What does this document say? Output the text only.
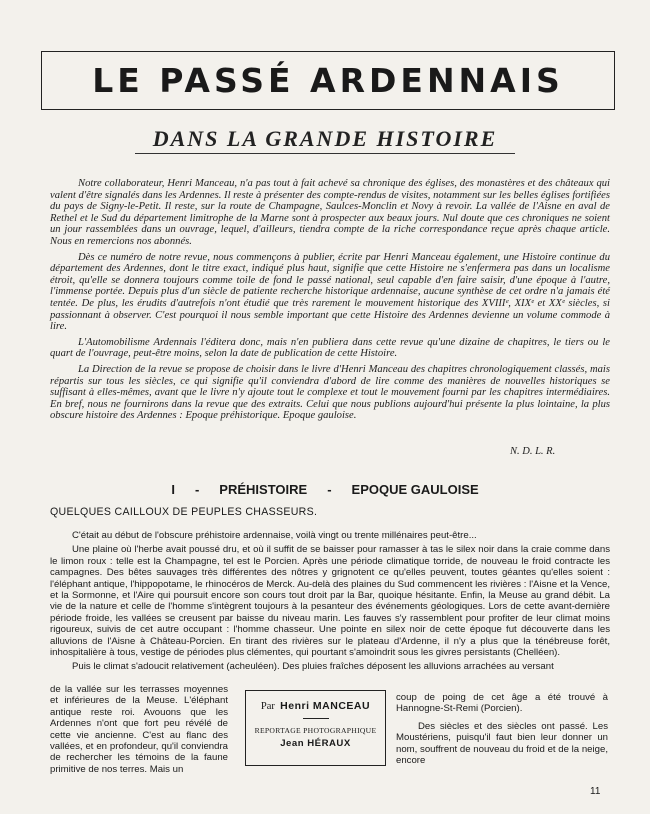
LE PASSÉ ARDENNAIS
DANS LA GRANDE HISTOIRE

Notre collaborateur, Henri Manceau, n'a pas tout à fait achevé sa chronique des églises, des monastères et des châteaux qui valent d'être signalés dans les Ardennes. Il reste à présenter des compte-rendus de visites, notamment sur les belles églises fortifiées du pays de Signy-le-Petit. Il reste, sur la route de Champagne, Saulces-Monclin et Novy à revoir. La vallée de l'Aisne en aval de Rethel et le Sud du département limitrophe de la Marne sont à prospecter aux beaux jours. Nul doute que ces chroniques ne soient un jour rassemblées dans un ouvrage, lequel, d'ailleurs, tiendra compte de la riche correspondance reçue après chaque article. Nous en remercions nos abonnés.

Dès ce numéro de notre revue, nous commençons à publier, écrite par Henri Manceau également, une Histoire continue du département des Ardennes, dont le titre exact, indiqué plus haut, signifie que cette Histoire ne s'enfermera pas dans un localisme étroit, qu'elle se donnera toujours comme toile de fond le passé national, seul capable d'en faire saisir, d'une époque à l'autre, l'immense portée. Depuis plus d'un siècle de patiente recherche historique ardennaise, aucune synthèse de cet ordre n'a jamais été tentée. De plus, les érudits d'autrefois n'ont étudié que très rarement le mouvement historique des XVIIIᵉ, XIXᵉ et XXᵉ siècles, si passionnant à observer. C'est pourquoi il nous semble important que cette Histoire des Ardennes devienne un volume commode à lire.

L'Automobilisme Ardennais l'éditera donc, mais n'en publiera dans cette revue qu'une dizaine de chapitres, le tiers ou le quart de l'ouvrage, peut-être moins, selon la date de publication de cette Histoire.

La Direction de la revue se propose de choisir dans le livre d'Henri Manceau des chapitres chronologiquement classés, mais répartis sur tous les siècles, ce qui signifie qu'il conviendra d'abord de lire comme des manières de nouvelles historiques se suffisant à elles-mêmes, avant que le livre n'y ajoute tout le complexe et tout le mouvement fourni par les chapitres intermédiaires. En bref, nous ne fournirons dans la revue que des extraits. Celui que nous publions aujourd'hui présente la plus lointaine, la plus obscure histoire des Ardennes : Epoque préhistorique. Epoque gauloise.

N. D. L. R.
I - PRÉHISTOIRE - EPOQUE GAULOISE
QUELQUES CAILLOUX DE PEUPLES CHASSEURS.

C'était au début de l'obscure préhistoire ardennaise, voilà vingt ou trente millénaires peut-être...

Une plaine où l'herbe avait poussé dru, et où il suffit de se baisser pour ramasser à tas le silex noir dans la craie comme dans le limon roux : telle est la Champagne, tel est le Porcien. Après une période climatique torride, de nouveau le froid contracte les campagnes. Des bêtes sauvages très différentes des nôtres y grignotent ce qu'elles peuvent, toutes géantes qu'elles soient : l'éléphant antique, l'hippopotame, le rhinocéros de Merck. Au-delà des plaines du Sud commencent les rivières : l'Aisne et la Vence, et la Sormonne, et l'Aire qui poursuit encore son cours tout droit par la Bar, quoique hésitante. Enfin, la Meuse au grand débit. La vie de la nature et celle de l'homme s'intègrent toujours à la pesanteur des événements géologiques. Lors de cette avant-dernière période froide, les vallées se creusent par baisse du niveau marin. Les fauves s'y rassemblent pour profiter de leur climat moins rigoureux, suivis de cet autre occupant : l'homme chasseur. Une pointe en silex noir de cette époque fut découverte dans les alluvions de l'Aisne à Château-Porcien. En tirant des rivières sur le plateau d'Ardenne, il n'y a plus que la ténébreuse forêt, inhospitalière à tous, vestige de périodes plus clémentes, qui pourtant s'amoindrit sous les givres persistants (Chelléen).

Puis le climat s'adoucit relativement (acheuléen). Des pluies fraîches déposent les alluvions arrachées au versant

de la vallée sur les terrasses moyennes et inférieures de la Meuse. L'éléphant antique reste roi. Avouons que les Ardennes n'ont que fort peu révélé de cette vie ancienne. C'est au flanc des vallées, et en profondeur, qu'il conviendra de rechercher les témoins de la faune primitive de nos terres. Mais un
Par Henri MANCEAU
REPORTAGE PHOTOGRAPHIQUE
Jean HÉRAUX

coup de poing de cet âge a été trouvé à Hannogne-St-Remi (Porcien).

Des siècles et des siècles ont passé. Les Moustériens, puisqu'il faut bien leur donner un nom, souffrent de nouveau du froid et de la neige, encore

11
